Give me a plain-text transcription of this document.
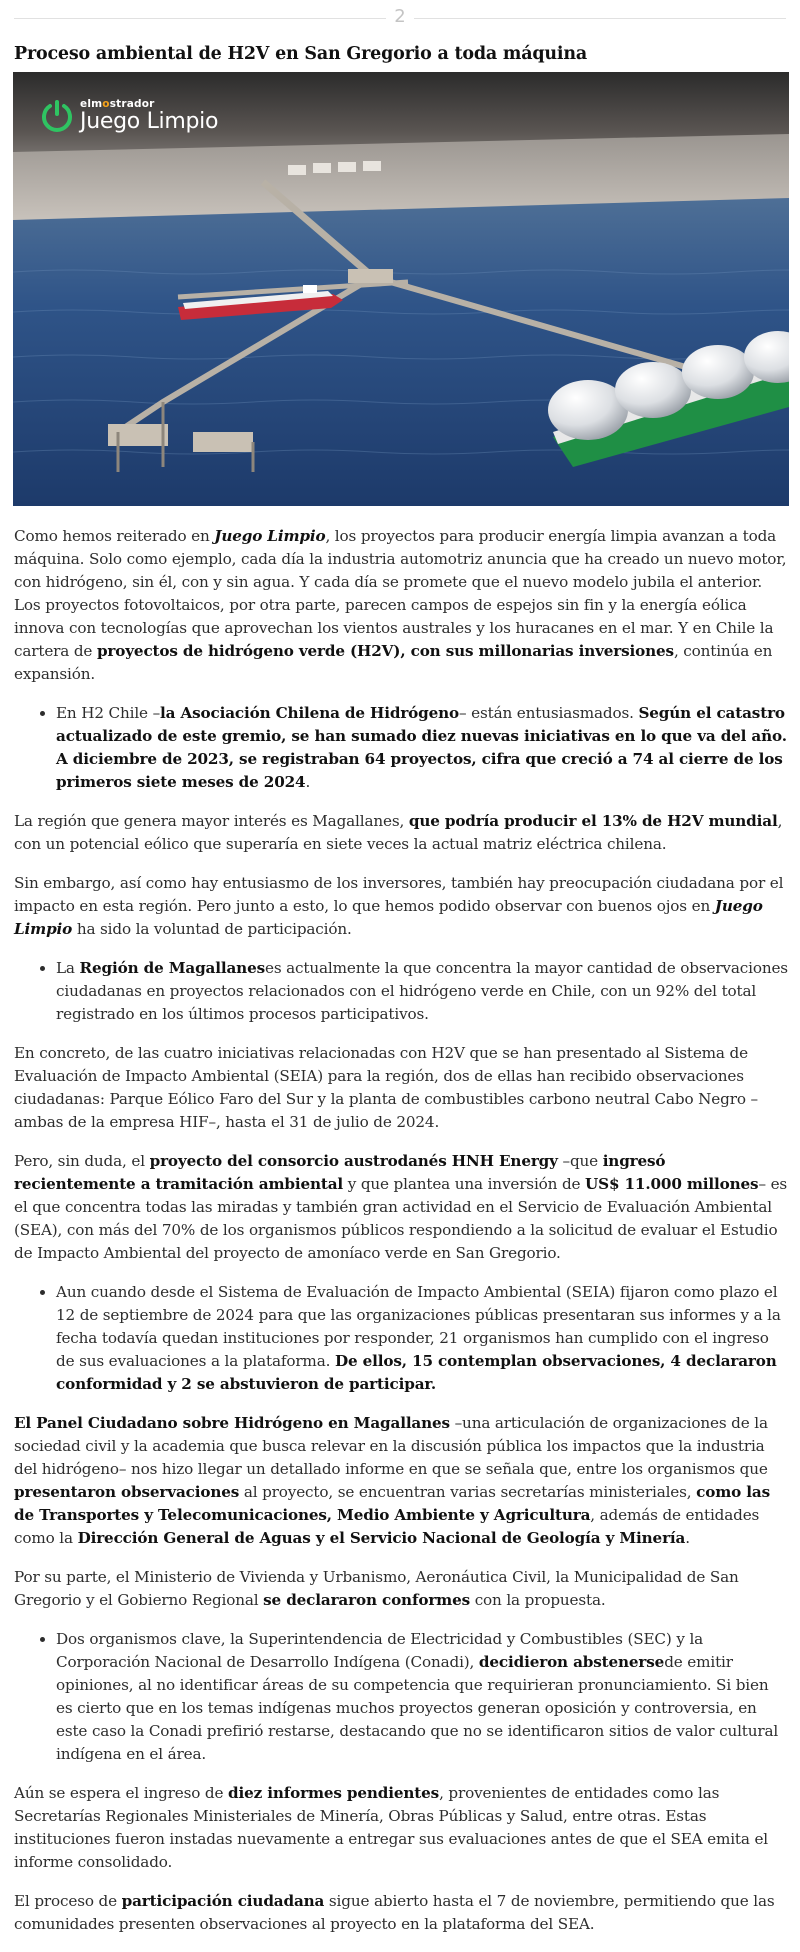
2
Proceso ambiental de H2V en San Gregorio a toda máquina
elmostrador
Juego Limpio

Como hemos reiterado en Juego Limpio, los proyectos para producir energía limpia avanzan a toda máquina. Solo como ejemplo, cada día la industria automotriz anuncia que ha creado un nuevo motor, con hidrógeno, sin él, con y sin agua. Y cada día se promete que el nuevo modelo jubila el anterior. Los proyectos fotovoltaicos, por otra parte, parecen campos de espejos sin fin y la energía eólica innova con tecnologías que aprovechan los vientos australes y los huracanes en el mar. Y en Chile la cartera de proyectos de hidrógeno verde (H2V), con sus millonarias inversiones, continúa en expansión.

• En H2 Chile –la Asociación Chilena de Hidrógeno– están entusiasmados. Según el catastro actualizado de este gremio, se han sumado diez nuevas iniciativas en lo que va del año. A diciembre de 2023, se registraban 64 proyectos, cifra que creció a 74 al cierre de los primeros siete meses de 2024.

La región que genera mayor interés es Magallanes, que podría producir el 13% de H2V mundial, con un potencial eólico que superaría en siete veces la actual matriz eléctrica chilena.

Sin embargo, así como hay entusiasmo de los inversores, también hay preocupación ciudadana por el impacto en esta región. Pero junto a esto, lo que hemos podido observar con buenos ojos en Juego Limpio ha sido la voluntad de participación.

• La Región de Magallaneses actualmente la que concentra la mayor cantidad de observaciones ciudadanas en proyectos relacionados con el hidrógeno verde en Chile, con un 92% del total registrado en los últimos procesos participativos.

En concreto, de las cuatro iniciativas relacionadas con H2V que se han presentado al Sistema de Evaluación de Impacto Ambiental (SEIA) para la región, dos de ellas han recibido observaciones ciudadanas: Parque Eólico Faro del Sur y la planta de combustibles carbono neutral Cabo Negro –ambas de la empresa HIF–, hasta el 31 de julio de 2024.

Pero, sin duda, el proyecto del consorcio austrodanés HNH Energy –que ingresó recientemente a tramitación ambiental y que plantea una inversión de US$ 11.000 millones– es el que concentra todas las miradas y también gran actividad en el Servicio de Evaluación Ambiental (SEA), con más del 70% de los organismos públicos respondiendo a la solicitud de evaluar el Estudio de Impacto Ambiental del proyecto de amoníaco verde en San Gregorio.

• Aun cuando desde el Sistema de Evaluación de Impacto Ambiental (SEIA) fijaron como plazo el 12 de septiembre de 2024 para que las organizaciones públicas presentaran sus informes y a la fecha todavía quedan instituciones por responder, 21 organismos han cumplido con el ingreso de sus evaluaciones a la plataforma. De ellos, 15 contemplan observaciones, 4 declararon conformidad y 2 se abstuvieron de participar.

El Panel Ciudadano sobre Hidrógeno en Magallanes –una articulación de organizaciones de la sociedad civil y la academia que busca relevar en la discusión pública los impactos que la industria del hidrógeno– nos hizo llegar un detallado informe en que se señala que, entre los organismos que presentaron observaciones al proyecto, se encuentran varias secretarías ministeriales, como las de Transportes y Telecomunicaciones, Medio Ambiente y Agricultura, además de entidades como la Dirección General de Aguas y el Servicio Nacional de Geología y Minería.

Por su parte, el Ministerio de Vivienda y Urbanismo, Aeronáutica Civil, la Municipalidad de San Gregorio y el Gobierno Regional se declararon conformes con la propuesta.

• Dos organismos clave, la Superintendencia de Electricidad y Combustibles (SEC) y la Corporación Nacional de Desarrollo Indígena (Conadi), decidieron abstenersede emitir opiniones, al no identificar áreas de su competencia que requirieran pronunciamiento. Si bien es cierto que en los temas indígenas muchos proyectos generan oposición y controversia, en este caso la Conadi prefirió restarse, destacando que no se identificaron sitios de valor cultural indígena en el área.

Aún se espera el ingreso de diez informes pendientes, provenientes de entidades como las Secretarías Regionales Ministeriales de Minería, Obras Públicas y Salud, entre otras. Estas instituciones fueron instadas nuevamente a entregar sus evaluaciones antes de que el SEA emita el informe consolidado.

El proceso de participación ciudadana sigue abierto hasta el 7 de noviembre, permitiendo que las comunidades presenten observaciones al proyecto en la plataforma del SEA.
